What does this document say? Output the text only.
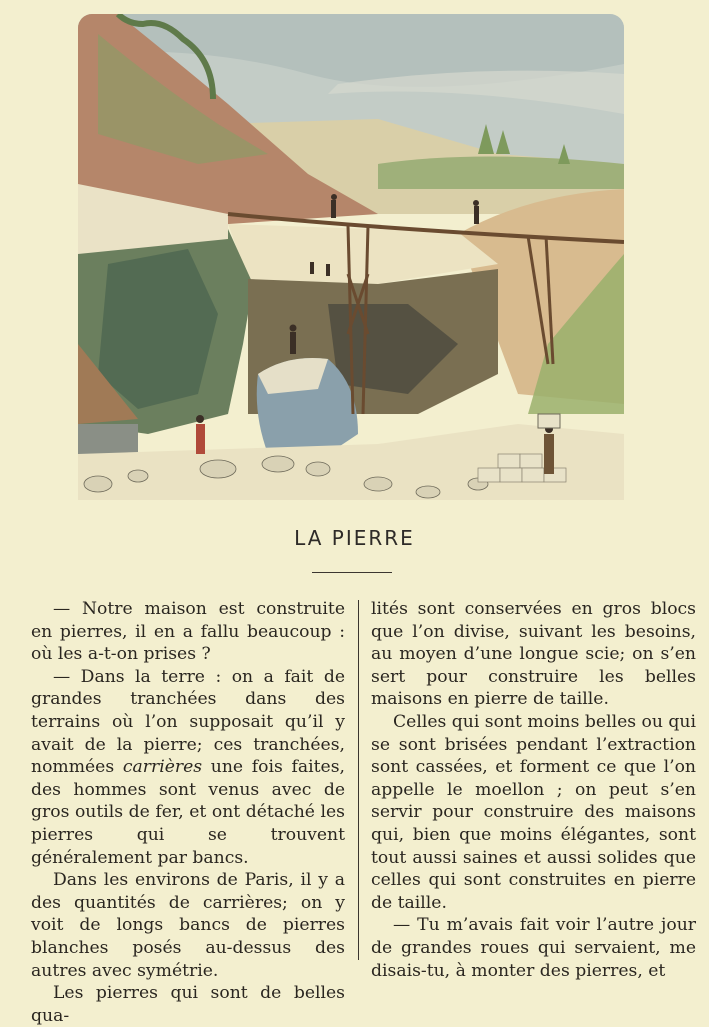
LA PIERRE

— Notre maison est construite en pierres, il en a fallu beaucoup : où les a-t-on prises ?

— Dans la terre : on a fait de grandes tranchées dans des terrains où l’on supposait qu’il y avait de la pierre; ces tranchées, nommées carrières une fois faites, des hommes sont venus avec de gros outils de fer, et ont détaché les pierres qui se trouvent généralement par bancs.

Dans les environs de Paris, il y a des quantités de carrières; on y voit de longs bancs de pierres blanches posés au-dessus des autres avec symétrie.

Les pierres qui sont de belles qua-

lités sont conservées en gros blocs que l’on divise, suivant les besoins, au moyen d’une longue scie; on s’en sert pour construire les belles maisons en pierre de taille.

Celles qui sont moins belles ou qui se sont brisées pendant l’extraction sont cassées, et forment ce que l’on appelle le moellon ; on peut s’en servir pour construire des maisons qui, bien que moins élégantes, sont tout aussi saines et aussi solides que celles qui sont construites en pierre de taille.

— Tu m’avais fait voir l’autre jour de grandes roues qui servaient, me disais-tu, à monter des pierres, et
